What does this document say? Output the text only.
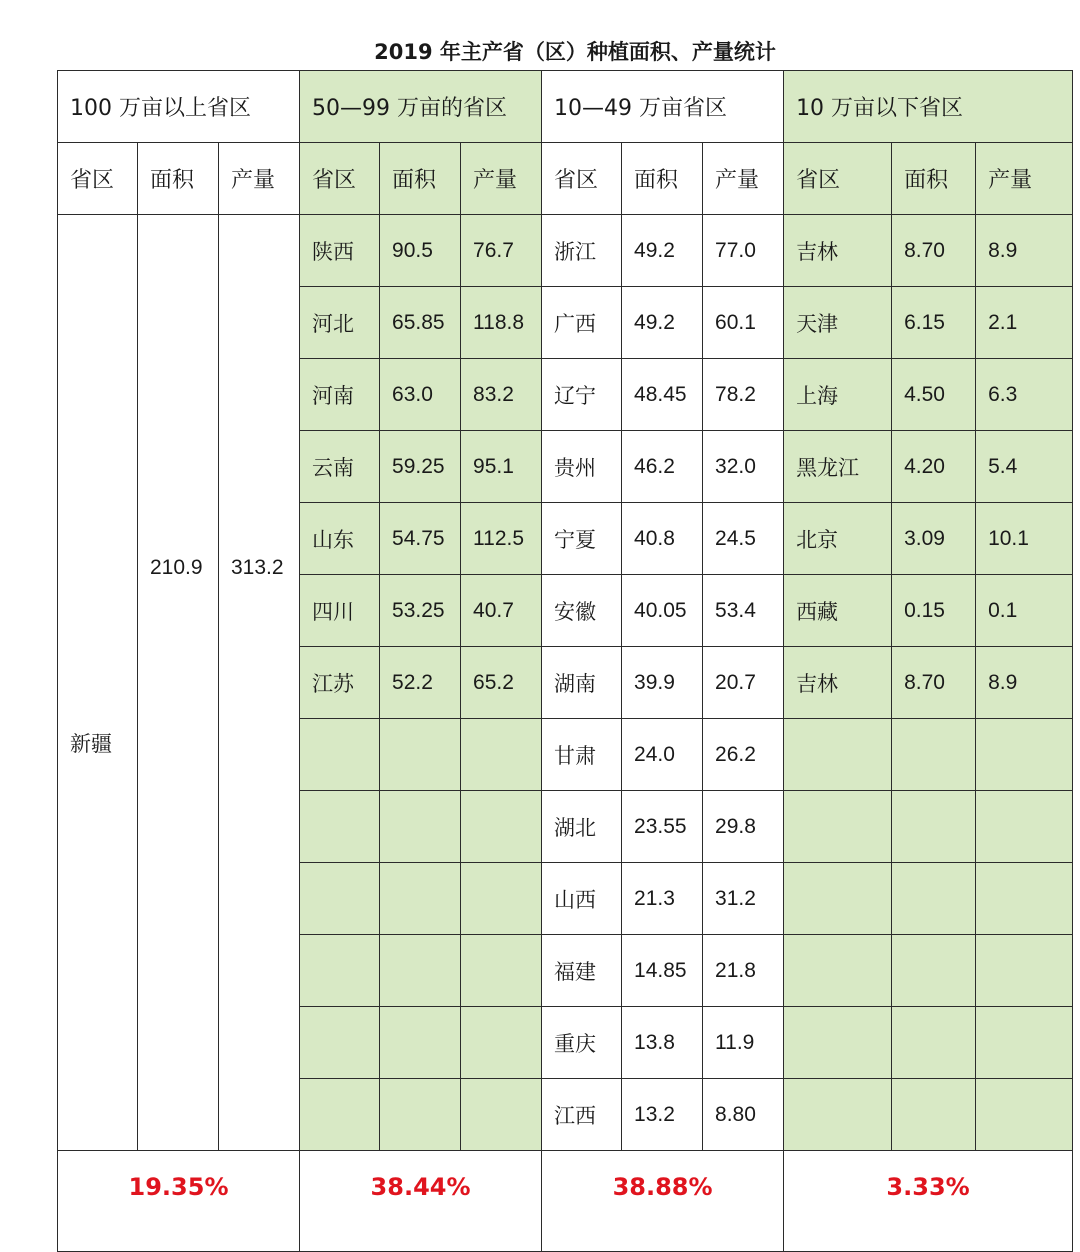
2019 年主产省（区）种植面积、产量统计
100 万亩以上省区			50—99 万亩的省区			10—49 万亩省区			10 万亩以下省区		
省区	面积	产量	省区	面积	产量	省区	面积	产量	省区	面积	产量
新疆	210.9	313.2	陕西	90.5	76.7	浙江	49.2	77.0	吉林	8.70	8.9
			河北	65.85	118.8	广西	49.2	60.1	天津	6.15	2.1
			河南	63.0	83.2	辽宁	48.45	78.2	上海	4.50	6.3
			云南	59.25	95.1	贵州	46.2	32.0	黑龙江	4.20	5.4
			山东	54.75	112.5	宁夏	40.8	24.5	北京	3.09	10.1
			四川	53.25	40.7	安徽	40.05	53.4	西藏	0.15	0.1
			江苏	52.2	65.2	湖南	39.9	20.7	吉林	8.70	8.9
						甘肃	24.0	26.2			
						湖北	23.55	29.8			
						山西	21.3	31.2			
						福建	14.85	21.8			
						重庆	13.8	11.9			
						江西	13.2	8.80			
19.35%			38.44%			38.88%			3.33%		
